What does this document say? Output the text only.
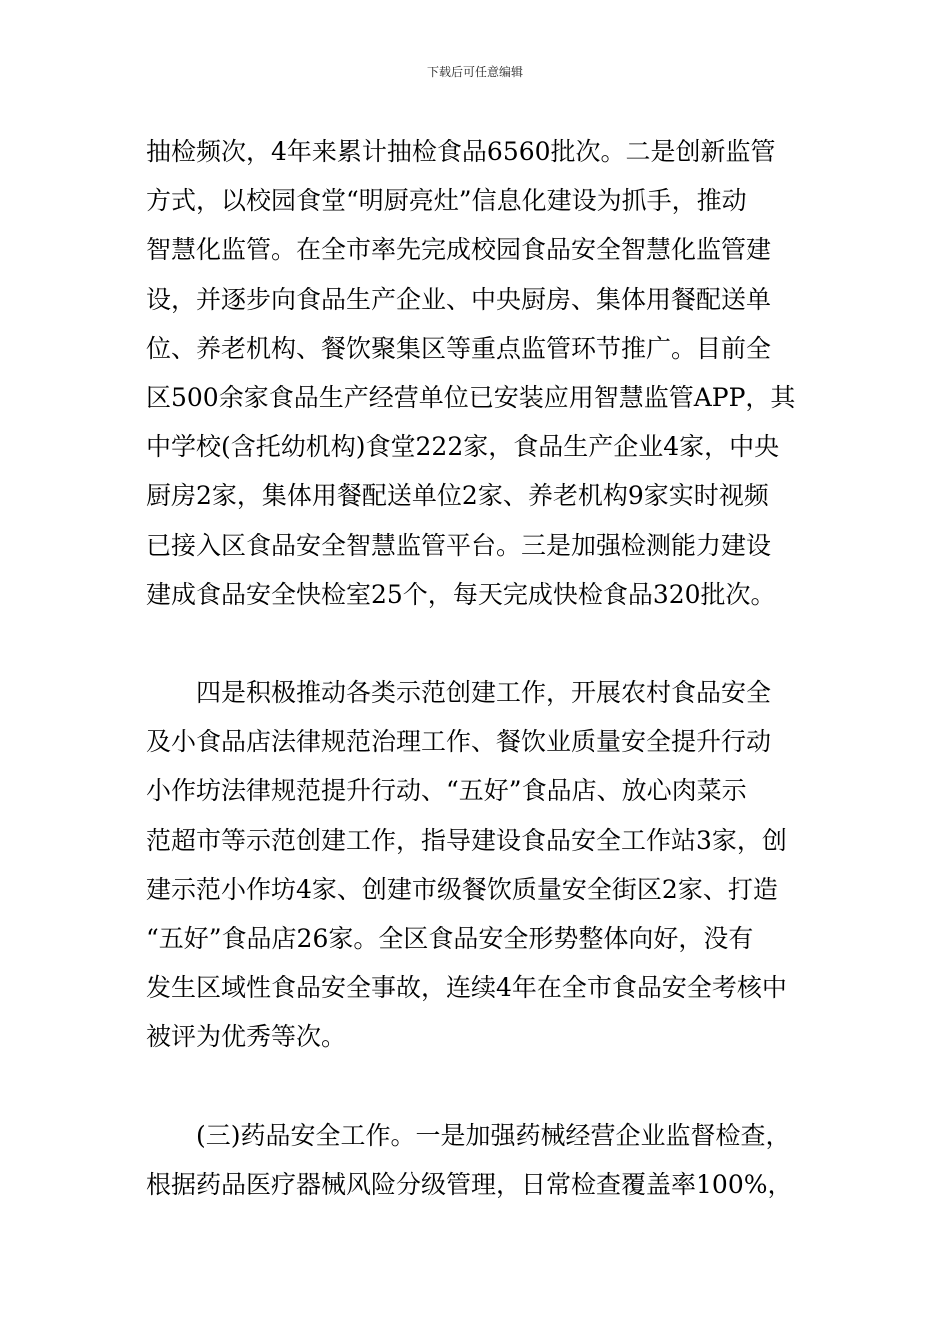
下载后可任意编辑
抽检频次，4年来累计抽检食品6560批次。二是创新监管
方式，以校园食堂“明厨亮灶”信息化建设为抓手，推动
智慧化监管。在全市率先完成校园食品安全智慧化监管建
设，并逐步向食品生产企业、中央厨房、集体用餐配送单
位、养老机构、餐饮聚集区等重点监管环节推广。目前全
区500余家食品生产经营单位已安装应用智慧监管APP，其
中学校(含托幼机构)食堂222家，食品生产企业4家，中央
厨房2家，集体用餐配送单位2家、养老机构9家实时视频
已接入区食品安全智慧监管平台。三是加强检测能力建设
建成食品安全快检室25个，每天完成快检食品320批次。
　　四是积极推动各类示范创建工作，开展农村食品安全
及小食品店法律规范治理工作、餐饮业质量安全提升行动
小作坊法律规范提升行动、“五好”食品店、放心肉菜示
范超市等示范创建工作，指导建设食品安全工作站3家，创
建示范小作坊4家、创建市级餐饮质量安全街区2家、打造
“五好”食品店26家。全区食品安全形势整体向好，没有
发生区域性食品安全事故，连续4年在全市食品安全考核中
被评为优秀等次。
　　(三)药品安全工作。一是加强药械经营企业监督检查，
根据药品医疗器械风险分级管理，日常检查覆盖率100%，
